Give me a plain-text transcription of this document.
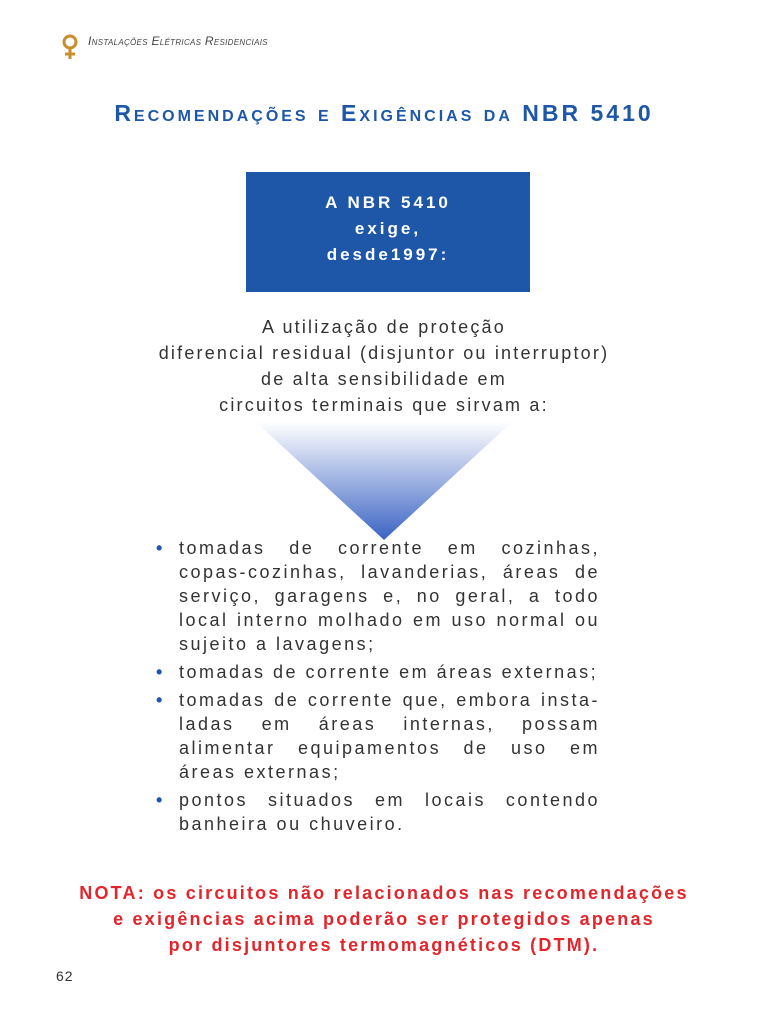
Instalações Elétricas Residenciais
Recomendações e Exigências da NBR 5410
A NBR 5410
exige,
desde1997:
A utilização de proteção
diferencial residual (disjuntor ou interruptor)
de alta sensibilidade em
circuitos terminais que sirvam a:
• tomadas de corrente em cozinhas, copas-cozinhas, lavanderias, áreas de serviço, garagens e, no geral, a todo local interno molhado em uso normal ou sujeito a lavagens;
• tomadas de corrente em áreas externas;
• tomadas de corrente que, embora insta-ladas em áreas internas, possam alimentar equipamentos de uso em áreas externas;
• pontos situados em locais contendo banheira ou chuveiro.
NOTA: os circuitos não relacionados nas recomendações
e exigências acima poderão ser protegidos apenas
por disjuntores termomagnéticos (DTM).
62
